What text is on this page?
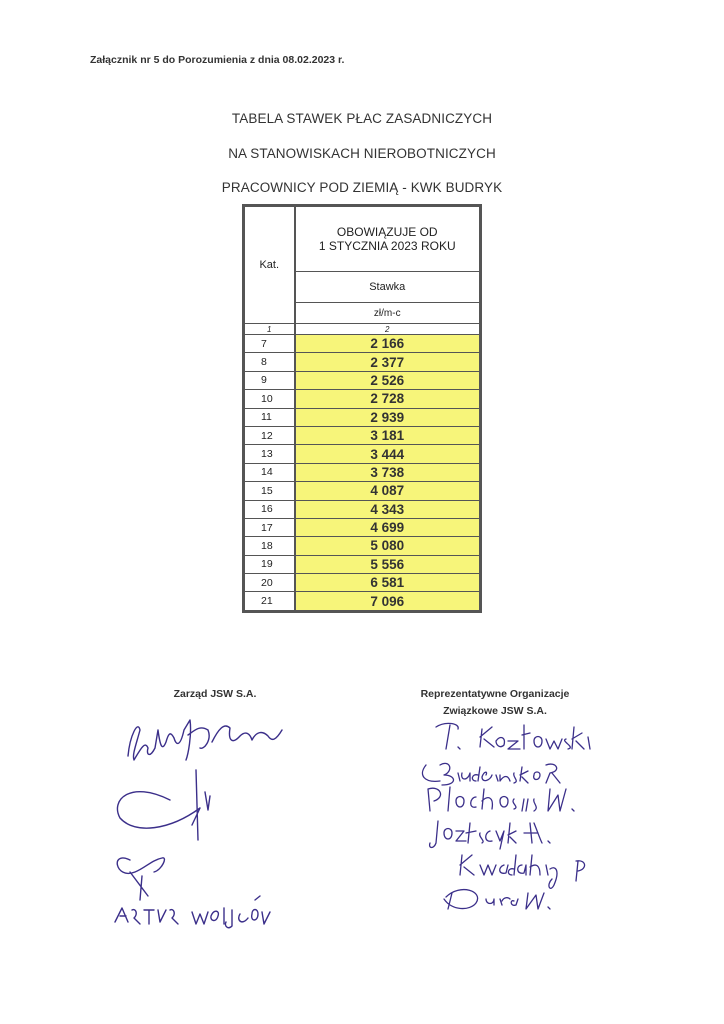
Załącznik nr 5 do Porozumienia z dnia 08.02.2023 r.
TABELA STAWEK PŁAC ZASADNICZYCH
NA STANOWISKACH NIEROBOTNICZYCH
PRACOWNICY POD ZIEMIĄ - KWK BUDRYK
Kat.	OBOWIĄZUJE OD
1 STYCZNIA 2023 ROKU
	Stawka
	zł/m-c
1	2
7	2 166
8	2 377
9	2 526
10	2 728
11	2 939
12	3 181
13	3 444
14	3 738
15	4 087
16	4 343
17	4 699
18	5 080
19	5 556
20	6 581
21	7 096
Zarząd JSW S.A.	Reprezentatywne Organizacje
Związkowe JSW S.A.
